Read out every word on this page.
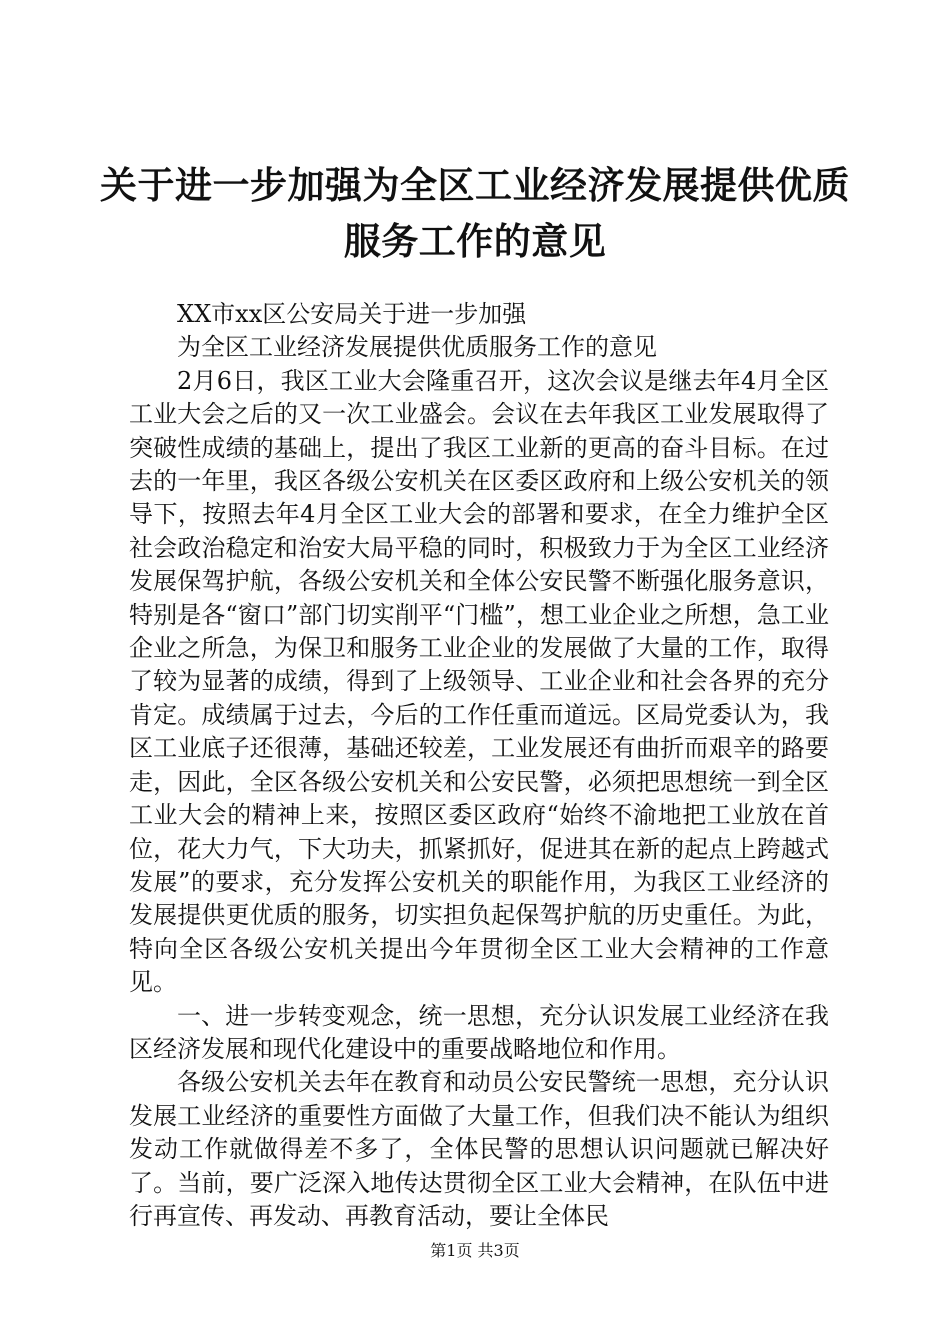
关于进一步加强为全区工业经济发展提供优质
服务工作的意见

XX市xx区公安局关于进一步加强

为全区工业经济发展提供优质服务工作的意见

2月6日，我区工业大会隆重召开，这次会议是继去年4月全区工业大会之后的又一次工业盛会。会议在去年我区工业发展取得了突破性成绩的基础上，提出了我区工业新的更高的奋斗目标。在过去的一年里，我区各级公安机关在区委区政府和上级公安机关的领导下，按照去年4月全区工业大会的部署和要求，在全力维护全区社会政治稳定和治安大局平稳的同时，积极致力于为全区工业经济发展保驾护航，各级公安机关和全体公安民警不断强化服务意识，特别是各“窗口”部门切实削平“门槛”，想工业企业之所想，急工业企业之所急，为保卫和服务工业企业的发展做了大量的工作，取得了较为显著的成绩，得到了上级领导、工业企业和社会各界的充分肯定。成绩属于过去，今后的工作任重而道远。区局党委认为，我区工业底子还很薄，基础还较差，工业发展还有曲折而艰辛的路要走，因此，全区各级公安机关和公安民警，必须把思想统一到全区工业大会的精神上来，按照区委区政府“始终不渝地把工业放在首位，花大力气，下大功夫，抓紧抓好，促进其在新的起点上跨越式发展”的要求，充分发挥公安机关的职能作用，为我区工业经济的发展提供更优质的服务，切实担负起保驾护航的历史重任。为此，特向全区各级公安机关提出今年贯彻全区工业大会精神的工作意见。

一、进一步转变观念，统一思想，充分认识发展工业经济在我区经济发展和现代化建设中的重要战略地位和作用。

各级公安机关去年在教育和动员公安民警统一思想，充分认识发展工业经济的重要性方面做了大量工作，但我们决不能认为组织发动工作就做得差不多了，全体民警的思想认识问题就已解决好了。当前，要广泛深入地传达贯彻全区工业大会精神，在队伍中进行再宣传、再发动、再教育活动，要让全体民

第1页 共3页
